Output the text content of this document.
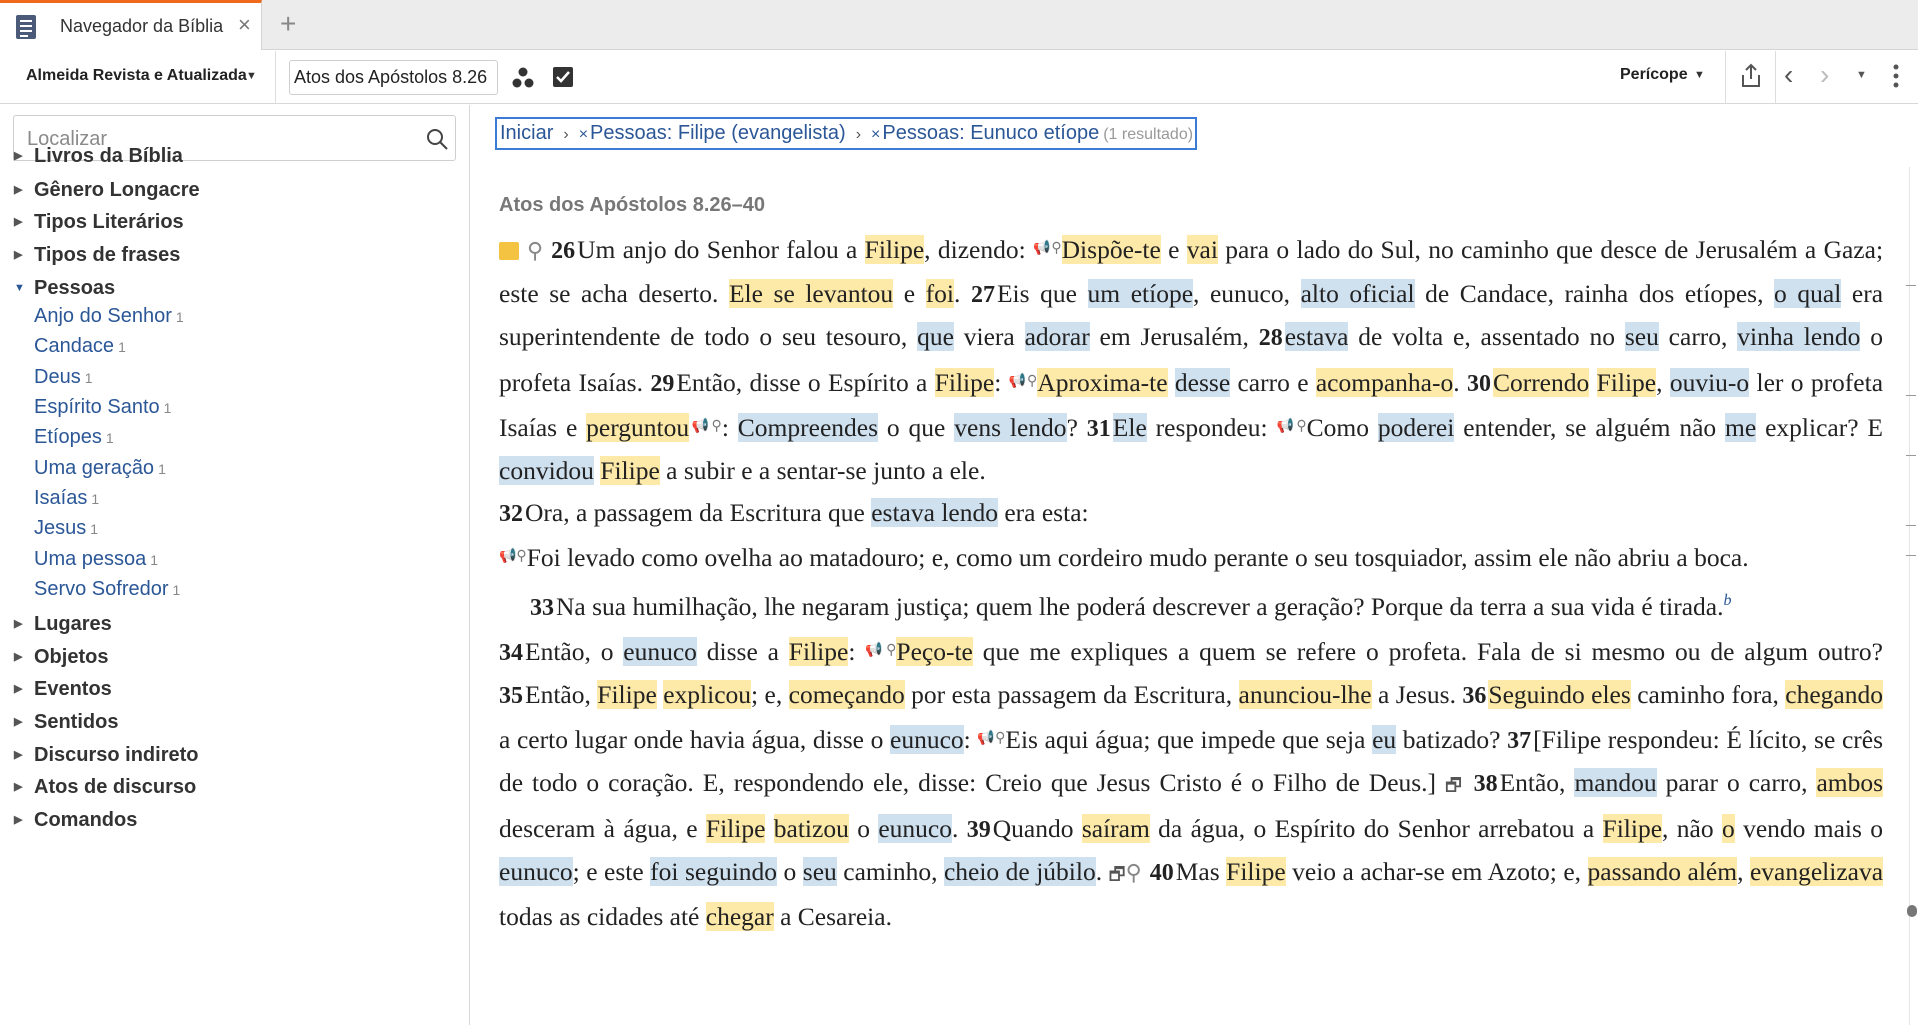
Navegador da Bíblia × +
Almeida Revista e Atualizada ▼ Atos dos Apóstolos 8.26	Perícope ▼	‹ › ▼
Localizar
▶ Livros da Bíblia
▶ Gênero Longacre
▶ Tipos Literários
▶ Tipos de frases
▼ Pessoas
Anjo do Senhor 1
Candace 1
Deus 1
Espírito Santo 1
Etíopes 1
Uma geração 1
Isaías 1
Jesus 1
Uma pessoa 1
Servo Sofredor 1
▶ Lugares
▶ Objetos
▶ Eventos
▶ Sentidos
▶ Discurso indireto
▶ Atos de discurso
▶ Comandos
Iniciar › × Pessoas: Filipe (evangelista) › × Pessoas: Eunuco etíope (1 resultado)
Atos dos Apóstolos 8.26–40

⚲ 26Um anjo do Senhor falou a Filipe, dizendo: 📢⚲Dispõe-te e vai para o lado do Sul, no caminho que desce de Jerusalém a Gaza; este se acha deserto. Ele se levantou e foi. 27Eis que um etíope, eunuco, alto oficial de Candace, rainha dos etíopes, o qual era superintendente de todo o seu tesouro, que viera adorar em Jerusalém, 28estava de volta e, assentado no seu carro, vinha lendo o profeta Isaías. 29Então, disse o Espírito a Filipe: 📢⚲Aproxima-te desse carro e acompanha-o. 30Correndo Filipe, ouviu-o ler o profeta Isaías e perguntou📢⚲: Compreendes o que vens lendo? 31Ele respondeu: 📢⚲Como poderei entender, se alguém não me explicar? E convidou Filipe a subir e a sentar-se junto a ele.

32Ora, a passagem da Escritura que estava lendo era esta:

📢⚲Foi levado como ovelha ao matadouro; e, como um cordeiro mudo perante o seu tosquiador, assim ele não abriu a boca.

33Na sua humilhação, lhe negaram justiça; quem lhe poderá descrever a geração? Porque da terra a sua vida é tirada.$^b$

34Então, o eunuco disse a Filipe: 📢⚲Peço-te que me expliques a quem se refere o profeta. Fala de si mesmo ou de algum outro? 35Então, Filipe explicou; e, começando por esta passagem da Escritura, anunciou-lhe a Jesus. 36Seguindo eles caminho fora, chegando a certo lugar onde havia água, disse o eunuco: 📢⚲Eis aqui água; que impede que seja eu batizado? 37[Filipe respondeu: É lícito, se crês de todo o coração. E, respondendo ele, disse: Creio que Jesus Cristo é o Filho de Deus.] 🗗 38Então, mandou parar o carro, ambos desceram à água, e Filipe batizou o eunuco. 39Quando saíram da água, o Espírito do Senhor arrebatou a Filipe, não o vendo mais o eunuco; e este foi seguindo o seu caminho, cheio de júbilo. 🗗⚲ 40Mas Filipe veio a achar-se em Azoto; e, passando além, evangelizava todas as cidades até chegar a Cesareia.
